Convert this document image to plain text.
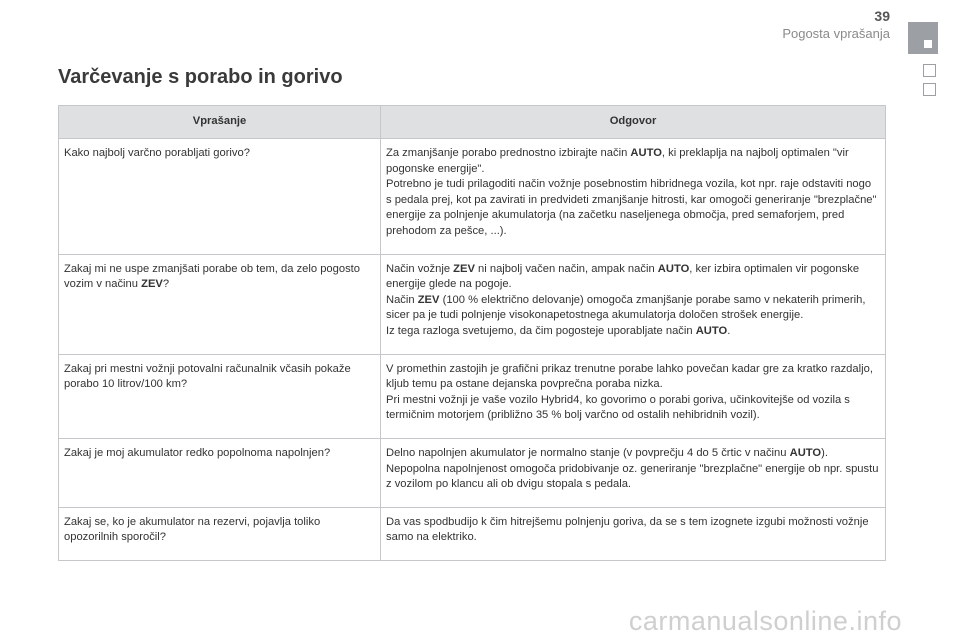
39
Pogosta vprašanja
Varčevanje s porabo in gorivo
Vprašanje	Odgovor
Kako najbolj varčno porabljati gorivo?	Za zmanjšanje porabo prednostno izbirajte način AUTO, ki preklaplja na najbolj optimalen "vir pogonske energije".
Potrebno je tudi prilagoditi način vožnje posebnostim hibridnega vozila, kot npr. raje odstaviti nogo s pedala prej, kot pa zavirati in predvideti zmanjšanje hitrosti, kar omogoči generiranje "brezplačne" energije za polnjenje akumulatorja (na začetku naseljenega območja, pred semaforjem, pred prehodom za pešce, ...).
Zakaj mi ne uspe zmanjšati porabe ob tem, da zelo pogosto vozim v načinu ZEV?	Način vožnje ZEV ni najbolj vačen način, ampak način AUTO, ker izbira optimalen vir pogonske energije glede na pogoje.
Način ZEV (100 % električno delovanje) omogoča zmanjšanje porabe samo v nekaterih primerih, sicer pa je tudi polnjenje visokonapetostnega akumulatorja določen strošek energije.
Iz tega razloga svetujemo, da čim pogosteje uporabljate način AUTO.
Zakaj pri mestni vožnji potovalni računalnik včasih pokaže porabo 10 litrov/100 km?	V promethin zastojih je grafični prikaz trenutne porabe lahko povečan kadar gre za kratko razdaljo, kljub temu pa ostane dejanska povprečna poraba nizka.
Pri mestni vožnji je vaše vozilo Hybrid4, ko govorimo o porabi goriva, učinkovitejše od vozila s termičnim motorjem (približno 35 % bolj varčno od ostalih nehibridnih vozil).
Zakaj je moj akumulator redko popolnoma napolnjen?	Delno napolnjen akumulator je normalno stanje (v povprečju 4 do 5 črtic v načinu AUTO).
Nepopolna napolnjenost omogoča pridobivanje oz. generiranje "brezplačne" energije ob npr. spustu z vozilom po klancu ali ob dvigu stopala s pedala.
Zakaj se, ko je akumulator na rezervi, pojavlja toliko opozorilnih sporočil?	Da vas spodbudijo k čim hitrejšemu polnjenju goriva, da se s tem izognete izgubi možnosti vožnje samo na elektriko.
carmanualsonline.info
